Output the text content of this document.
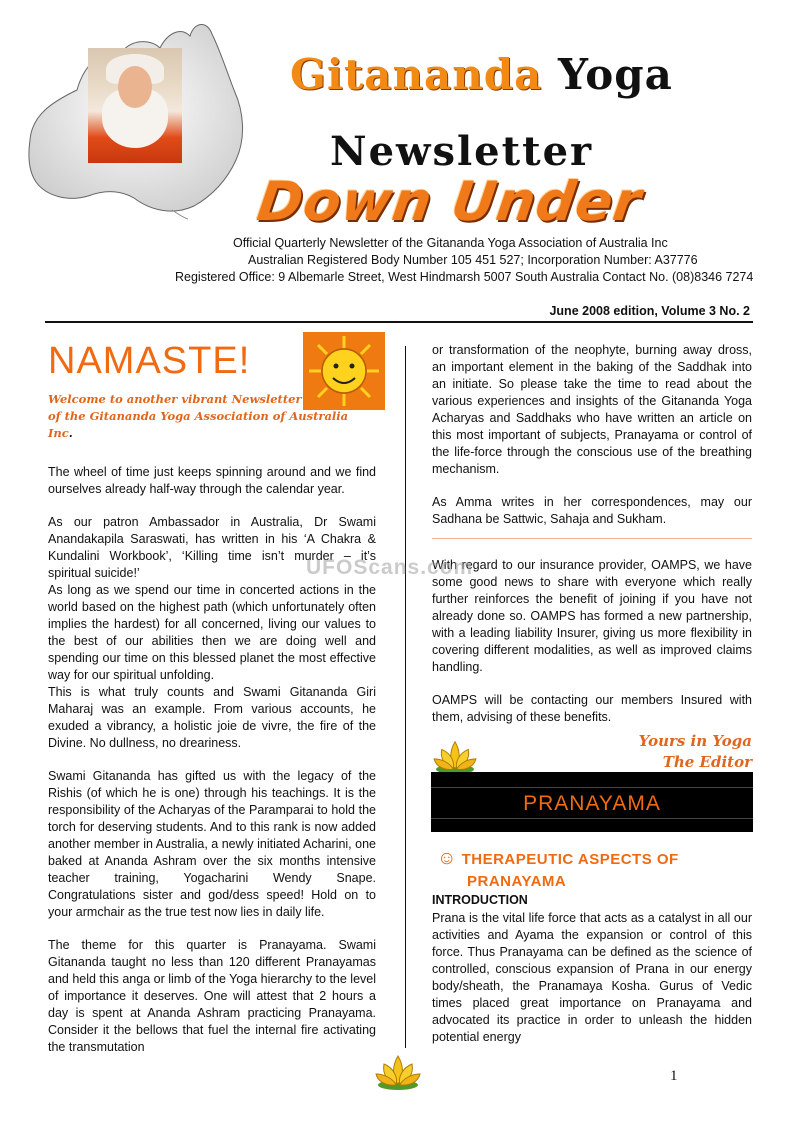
Gitananda Yoga
Newsletter
Down Under
Official Quarterly Newsletter of the Gitananda Yoga Association of Australia Inc
Australian Registered Body Number 105 451 527; Incorporation Number: A37776
Registered Office: 9 Albemarle Street, West Hindmarsh 5007 South Australia Contact No. (08)8346 7274
June 2008 edition, Volume 3 No. 2
NAMASTE!
Welcome to another vibrant Newsletter
of the Gitananda Yoga Association of Australia Inc.

The wheel of time just keeps spinning around and we find ourselves already half-way through the calendar year.

As our patron Ambassador in Australia, Dr Swami Anandakapila Saraswati, has written in his ‘A Chakra & Kundalini Workbook’, ‘Killing time isn’t murder – it’s spiritual suicide!’

As long as we spend our time in concerted actions in the world based on the highest path (which unfortunately often implies the hardest) for all concerned, living our values to the best of our abilities then we are doing well and spending our time on this blessed planet the most effective way for our spiritual unfolding.

This is what truly counts and Swami Gitananda Giri Maharaj was an example. From various accounts, he exuded a vibrancy, a holistic joie de vivre, the fire of the Divine. No dullness, no dreariness.

Swami Gitananda has gifted us with the legacy of the Rishis (of which he is one) through his teachings. It is the responsibility of the Acharyas of the Paramparai to hold the torch for deserving students. And to this rank is now added another member in Australia, a newly initiated Acharini, one baked at Ananda Ashram over the six months intensive teacher training, Yogacharini Wendy Snape. Congratulations sister and god/dess speed! Hold on to your armchair as the true test now lies in daily life.

The theme for this quarter is Pranayama. Swami Gitananda taught no less than 120 different Pranayamas and held this anga or limb of the Yoga hierarchy to the level of importance it deserves. One will attest that 2 hours a day is spent at Ananda Ashram practicing Pranayama. Consider it the bellows that fuel the internal fire activating the transmutation

or transformation of the neophyte, burning away dross, an important element in the baking of the Saddhak into an initiate. So please take the time to read about the various experiences and insights of the Gitananda Yoga Acharyas and Saddhaks who have written an article on this most important of subjects, Pranayama or control of the life-force through the conscious use of the breathing mechanism.

As Amma writes in her correspondences, may our Sadhana be Sattwic, Sahaja and Sukham.

With regard to our insurance provider, OAMPS, we have some good news to share with everyone which really further reinforces the benefit of joining if you have not already done so. OAMPS has formed a new partnership, with a leading liability Insurer, giving us more flexibility in covering different modalities, as well as improved claims handling.

OAMPS will be contacting our members Insured with them, advising of these benefits.

Yours in Yoga
The Editor
PRANAYAMA
☺ THERAPEUTIC ASPECTS OF
PRANAYAMA
INTRODUCTION

Prana is the vital life force that acts as a catalyst in all our activities and Ayama the expansion or control of this force. Thus Pranayama can be defined as the science of controlled, conscious expansion of Prana in our energy body/sheath, the Pranamaya Kosha. Gurus of Vedic times placed great importance on Pranayama and advocated its practice in order to unleash the hidden potential energy

UFOScans.com
1
